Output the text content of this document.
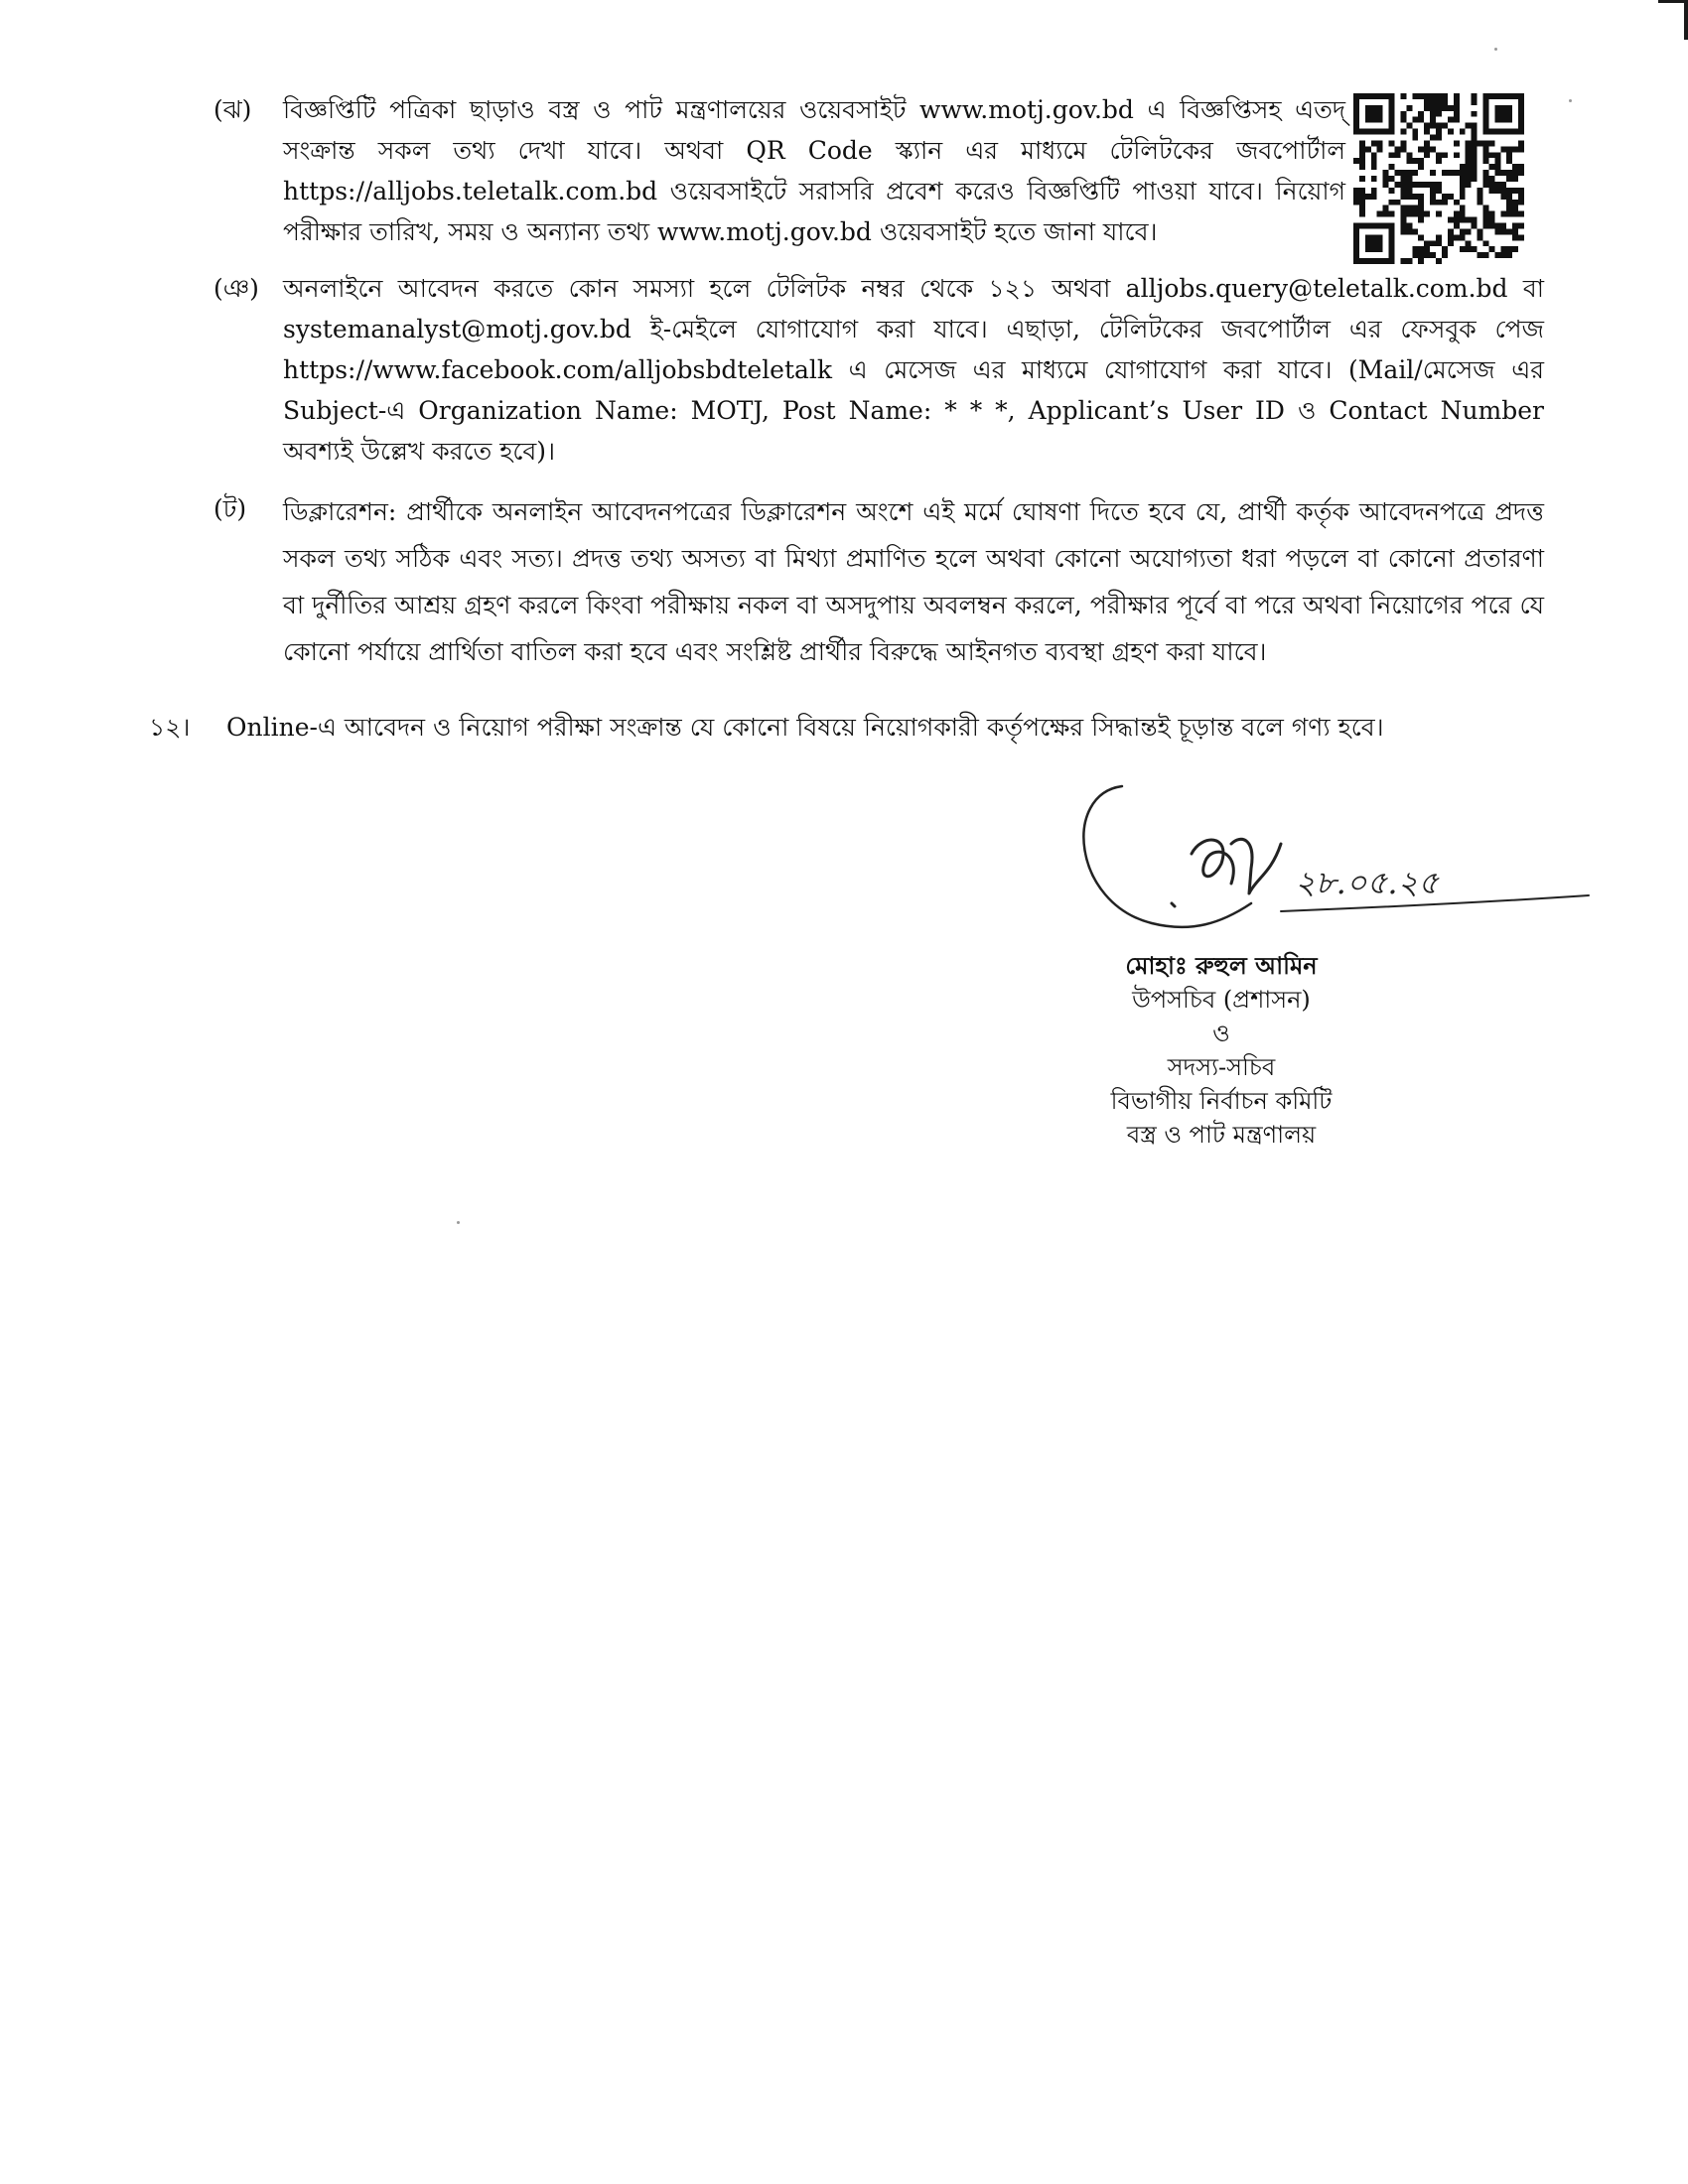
(ঝ)	বিজ্ঞপ্তিটি পত্রিকা ছাড়াও বস্ত্র ও পাট মন্ত্রণালয়ের ওয়েবসাইট www.motj.gov.bd এ বিজ্ঞপ্তিসহ এতদ্ সংক্রান্ত সকল তথ্য দেখা যাবে। অথবা QR Code স্ক্যান এর মাধ্যমে টেলিটকের জবপোর্টাল https://alljobs.teletalk.com.bd ওয়েবসাইটে সরাসরি প্রবেশ করেও বিজ্ঞপ্তিটি পাওয়া যাবে। নিয়োগ পরীক্ষার তারিখ, সময় ও অন্যান্য তথ্য www.motj.gov.bd ওয়েবসাইট হতে জানা যাবে।
(ঞ) অনলাইনে আবেদন করতে কোন সমস্যা হলে টেলিটক নম্বর থেকে ১২১ অথবা alljobs.query@teletalk.com.bd বা systemanalyst@motj.gov.bd ই-মেইলে যোগাযোগ করা যাবে। এছাড়া, টেলিটকের জবপোর্টাল এর ফেসবুক পেজ https://www.facebook.com/alljobsbdteletalk এ মেসেজ এর মাধ্যমে যোগাযোগ করা যাবে। (Mail/মেসেজ এর Subject-এ Organization Name: MOTJ, Post Name: * * *, Applicant’s User ID ও Contact Number অবশ্যই উল্লেখ করতে হবে)।
(ট)	ডিক্লারেশন: প্রার্থীকে অনলাইন আবেদনপত্রের ডিক্লারেশন অংশে এই মর্মে ঘোষণা দিতে হবে যে, প্রার্থী কর্তৃক আবেদনপত্রে প্রদত্ত সকল তথ্য সঠিক এবং সত্য। প্রদত্ত তথ্য অসত্য বা মিথ্যা প্রমাণিত হলে অথবা কোনো অযোগ্যতা ধরা পড়লে বা কোনো প্রতারণা বা দুর্নীতির আশ্রয় গ্রহণ করলে কিংবা পরীক্ষায় নকল বা অসদুপায় অবলম্বন করলে, পরীক্ষার পূর্বে বা পরে অথবা নিয়োগের পরে যে কোনো পর্যায়ে প্রার্থিতা বাতিল করা হবে এবং সংশ্লিষ্ট প্রার্থীর বিরুদ্ধে আইনগত ব্যবস্থা গ্রহণ করা যাবে।
১২। Online-এ আবেদন ও নিয়োগ পরীক্ষা সংক্রান্ত যে কোনো বিষয়ে নিয়োগকারী কর্তৃপক্ষের সিদ্ধান্তই চূড়ান্ত বলে গণ্য হবে।
২৮.০৫.২৫
মোহাঃ রুহুল আমিন
উপসচিব (প্রশাসন)
ও
সদস্য-সচিব
বিভাগীয় নির্বাচন কমিটি
বস্ত্র ও পাট মন্ত্রণালয়
